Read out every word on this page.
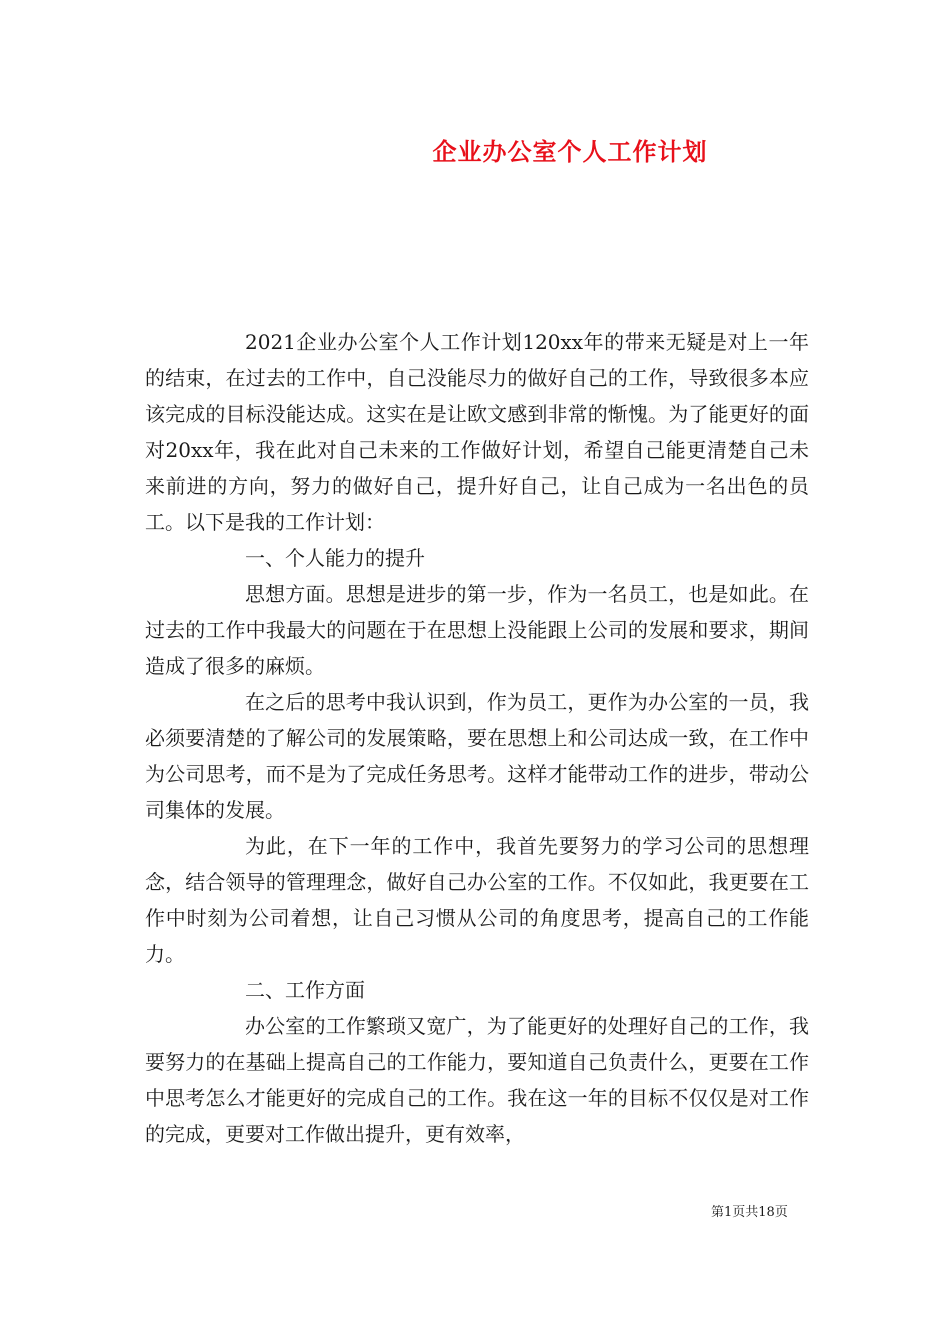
企业办公室个人工作计划

2021企业办公室个人工作计划120xx年的带来无疑是对上一年的结束，在过去的工作中，自己没能尽力的做好自己的工作，导致很多本应该完成的目标没能达成。这实在是让欧文感到非常的惭愧。为了能更好的面对20xx年，我在此对自己未来的工作做好计划，希望自己能更清楚自己未来前进的方向，努力的做好自己，提升好自己，让自己成为一名出色的员工。以下是我的工作计划：

一、个人能力的提升

思想方面。思想是进步的第一步，作为一名员工，也是如此。在过去的工作中我最大的问题在于在思想上没能跟上公司的发展和要求，期间造成了很多的麻烦。

在之后的思考中我认识到，作为员工，更作为办公室的一员，我必须要清楚的了解公司的发展策略，要在思想上和公司达成一致，在工作中为公司思考，而不是为了完成任务思考。这样才能带动工作的进步，带动公司集体的发展。

为此，在下一年的工作中，我首先要努力的学习公司的思想理念，结合领导的管理理念，做好自己办公室的工作。不仅如此，我更要在工作中时刻为公司着想，让自己习惯从公司的角度思考，提高自己的工作能力。

二、工作方面

办公室的工作繁琐又宽广，为了能更好的处理好自己的工作，我要努力的在基础上提高自己的工作能力，要知道自己负责什么，更要在工作中思考怎么才能更好的完成自己的工作。我在这一年的目标不仅仅是对工作的完成，更要对工作做出提升，更有效率，

第1页共18页
